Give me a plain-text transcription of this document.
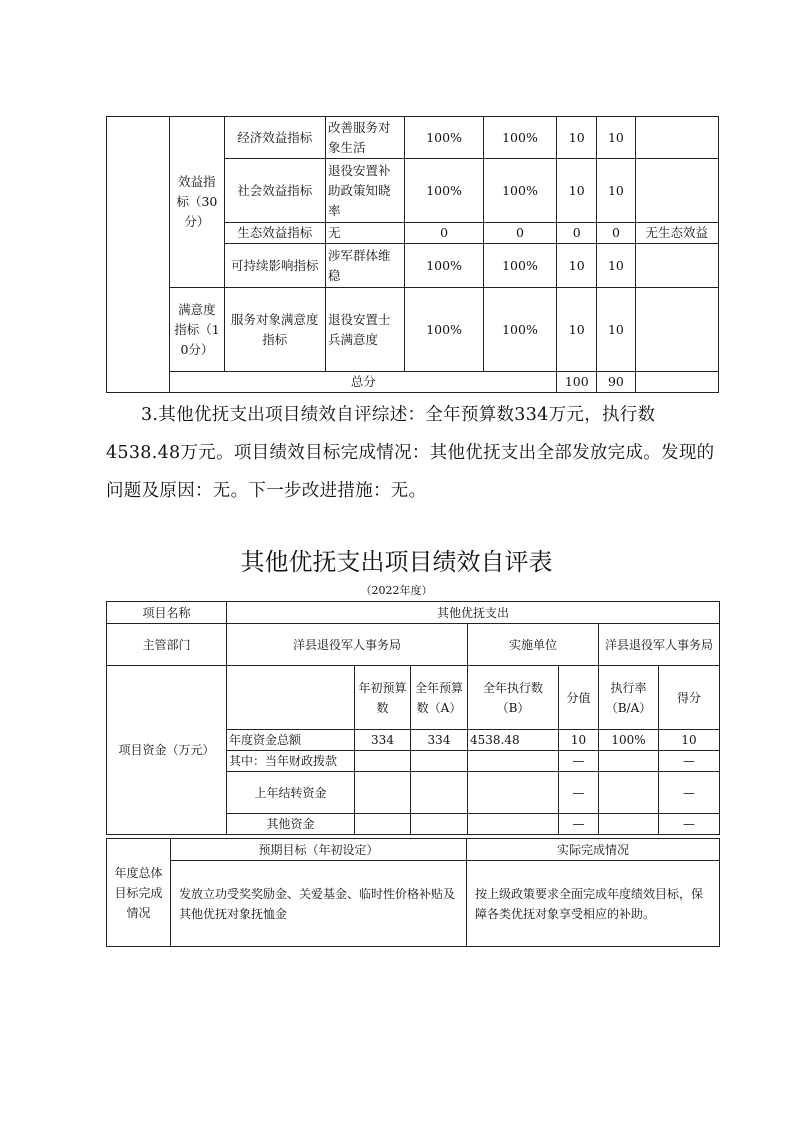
	效益指标（30分）	经济效益指标	改善服务对象生活	100%	100%	10	10	
		社会效益指标	退役安置补助政策知晓率	100%	100%	10	10	
		生态效益指标	无	0	0	0	0	无生态效益
		可持续影响指标	涉军群体维稳	100%	100%	10	10	
	满意度指标（10分）	服务对象满意度指标	退役安置士兵满意度	100%	100%	10	10	
	总分					100	90	

3.其他优抚支出项目绩效自评综述：全年预算数334万元，执行数4538.48万元。项目绩效目标完成情况：其他优抚支出全部发放完成。发现的问题及原因：无。下一步改进措施：无。

其他优抚支出项目绩效自评表
（2022年度）
项目名称	其他优抚支出						
主管部门	洋县退役军人事务局			实施单位		洋县退役军人事务局	
项目资金（万元）		年初预算数	全年预算数（A）	全年执行数（B）	分值	执行率（B/A）	得分
	年度资金总额	334	334	4538.48	10	100%	10
	其中：当年财政拨款				—		—
	上年结转资金				—		—
	其他资金				—		—
年度总体目标完成情况	预期目标（年初设定）	实际完成情况
	发放立功受奖奖励金、关爱基金、临时性价格补贴及其他优抚对象抚恤金	按上级政策要求全面完成年度绩效目标，保障各类优抚对象享受相应的补助。
